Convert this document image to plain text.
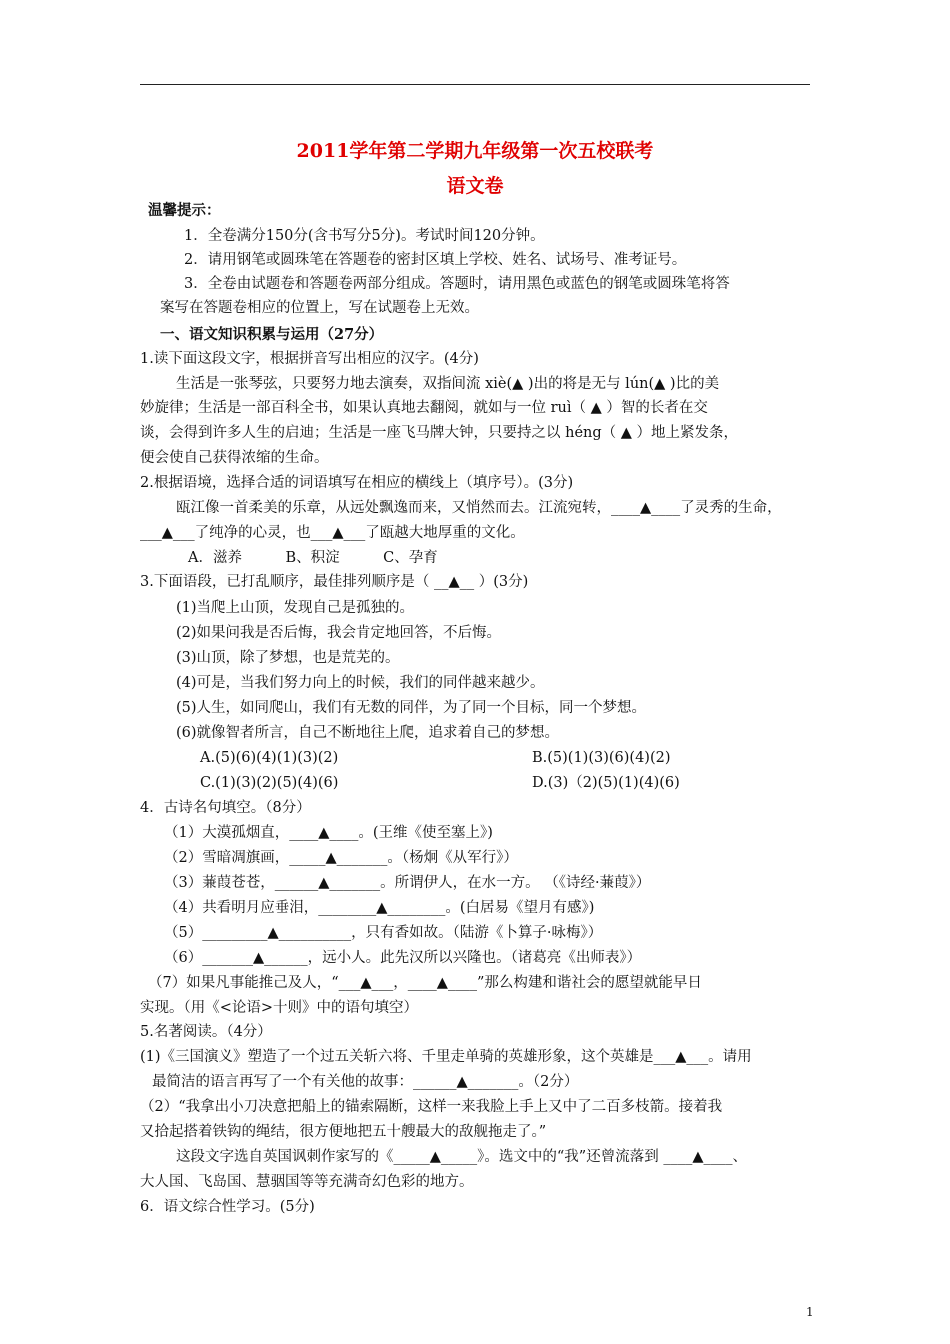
2011学年第二学期九年级第一次五校联考
语文卷
温馨提示：
1．全卷满分150分(含书写分5分)。考试时间120分钟。
2．请用钢笔或圆珠笔在答题卷的密封区填上学校、姓名、试场号、准考证号。
3．全卷由试题卷和答题卷两部分组成。答题时，请用黑色或蓝色的钢笔或圆珠笔将答
案写在答题卷相应的位置上，写在试题卷上无效。
一、语文知识积累与运用（27分）
1.读下面这段文字，根据拼音写出相应的汉字。(4分)
生活是一张琴弦，只要努力地去演奏，双指间流 xiè(▲ )出的将是无与 lún(▲ )比的美
妙旋律；生活是一部百科全书，如果认真地去翻阅，就如与一位 ruì（ ▲ ）智的长者在交
谈，会得到许多人生的启迪；生活是一座飞马牌大钟，只要持之以 héng（ ▲ ）地上紧发条，
便会使自己获得浓缩的生命。
2.根据语境，选择合适的词语填写在相应的横线上（填序号）。(3分)
瓯江像一首柔美的乐章，从远处飘逸而来，又悄然而去。江流宛转，____▲____了灵秀的生命，
___▲___了纯净的心灵，也___▲___了瓯越大地厚重的文化。
A．滋养　　　B、积淀　　　C、孕育
3.下面语段，已打乱顺序，最佳排列顺序是（ __▲__ ）(3分)
(1)当爬上山顶，发现自己是孤独的。
(2)如果问我是否后悔，我会肯定地回答，不后悔。
(3)山顶，除了梦想，也是荒芜的。
(4)可是，当我们努力向上的时候，我们的同伴越来越少。
(5)人生，如同爬山，我们有无数的同伴，为了同一个目标，同一个梦想。
(6)就像智者所言，自己不断地往上爬，追求着自己的梦想。
A.(5)(6)(4)(1)(3)(2)	B.(5)(1)(3)(6)(4)(2)
C.(1)(3)(2)(5)(4)(6)	D.(3)（2)(5)(1)(4)(6)
4．古诗名句填空。（8分）
（1）大漠孤烟直，____▲____。(王维《使至塞上》)
（2）雪暗凋旗画，_____▲_______。（杨炯《从军行》）
（3）蒹葭苍苍，______▲_______。所谓伊人，在水一方。 （《诗经·蒹葭》）
（4）共看明月应垂泪，________▲________。(白居易《望月有感》)
（5）_________▲__________，只有香如故。（陆游《卜算子·咏梅》）
（6）_______▲______，远小人。此先汉所以兴隆也。（诸葛亮《出师表》）
（7）如果凡事能推己及人，“___▲___，____▲____”那么构建和谐社会的愿望就能早日
实现。（用《<论语>十则》中的语句填空）
5.名著阅读。（4分）
(1)《三国演义》塑造了一个过五关斩六将、千里走单骑的英雄形象，这个英雄是___▲___。请用
最简洁的语言再写了一个有关他的故事：______▲_______。（2分）
（2）“我拿出小刀决意把船上的锚索隔断，这样一来我脸上手上又中了二百多枝箭。接着我
又拾起搭着铁钩的绳结，很方便地把五十艘最大的敌舰拖走了。”
这段文字选自英国讽刺作家写的《_____▲_____》。选文中的“我”还曾流落到 ____▲____、
大人国、飞岛国、慧骃国等等充满奇幻色彩的地方。
6．语文综合性学习。(5分)
1
